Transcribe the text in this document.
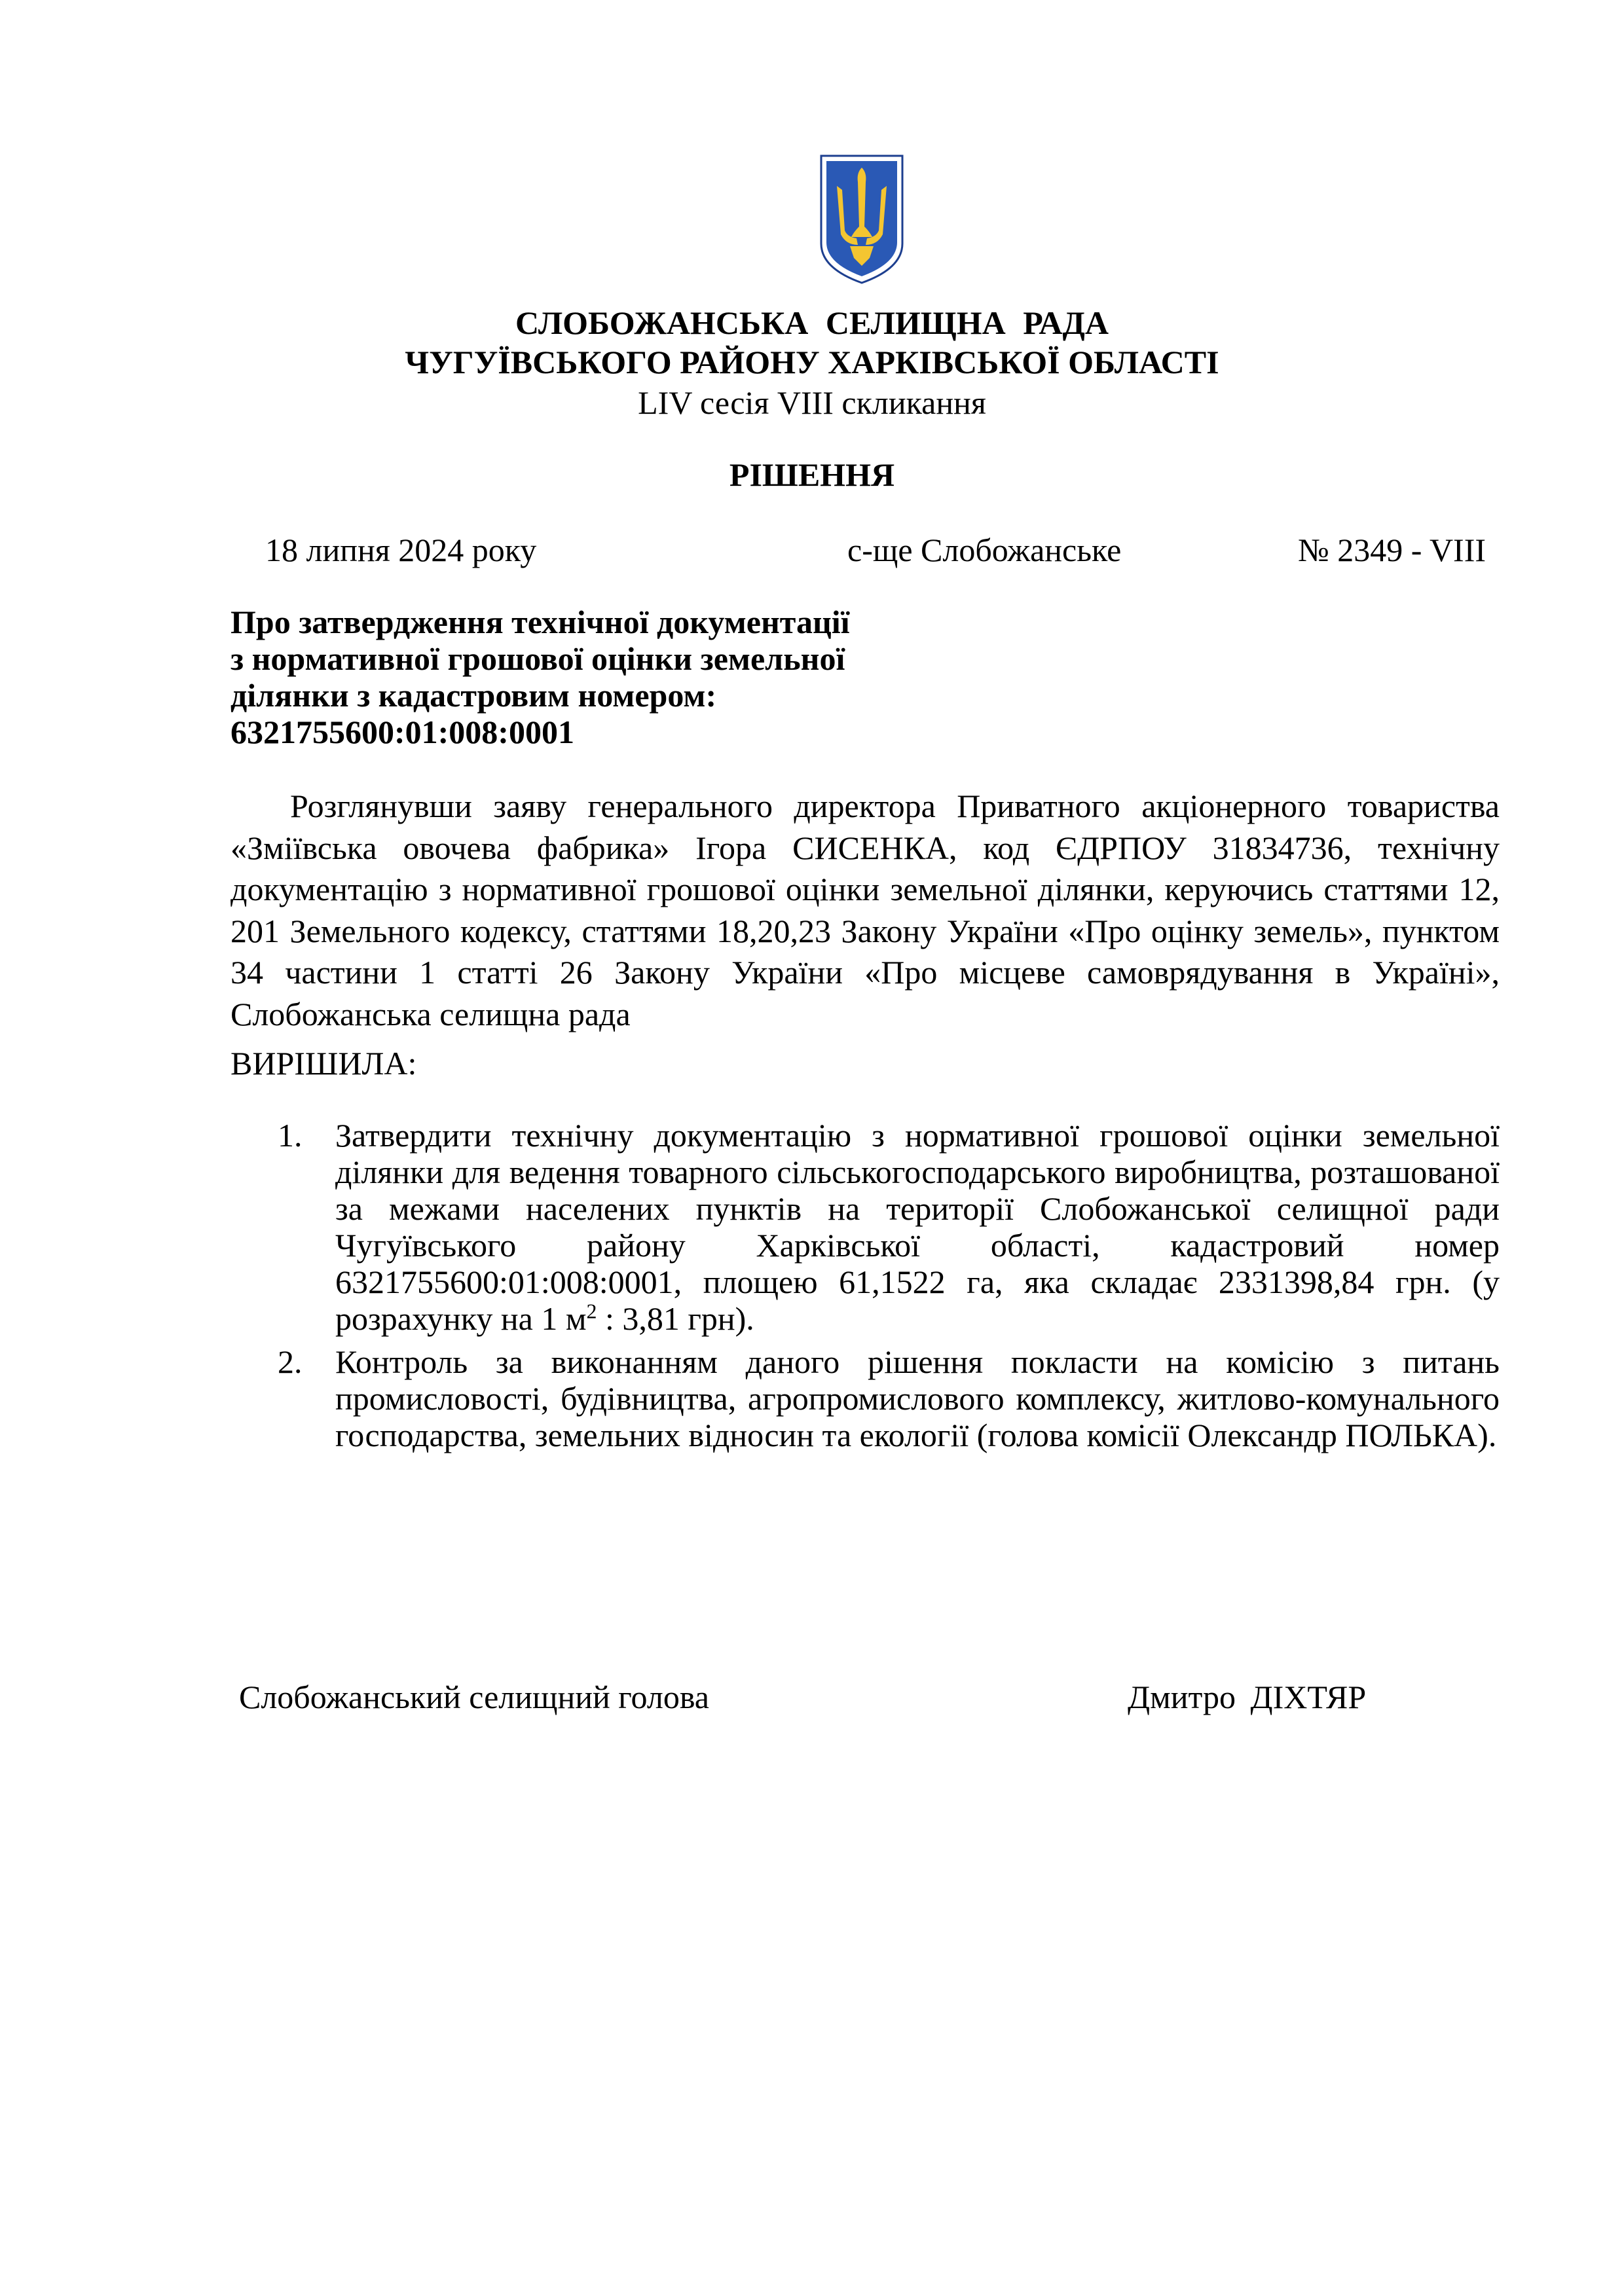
СЛОБОЖАНСЬКА СЕЛИЩНА РАДА
ЧУГУЇВСЬКОГО РАЙОНУ ХАРКІВСЬКОЇ ОБЛАСТІ
LIV сесія VIII скликання
РІШЕННЯ
18 липня 2024 року	с-ще Слобожанське	№ 2349 - VIII
Про затвердження технічної документації
з нормативної грошової оцінки земельної
ділянки з кадастровим номером:
6321755600:01:008:0001
Розглянувши заяву генерального директора Приватного акціонерного товариства «Зміївська овочева фабрика» Ігора СИСЕНКА, код ЄДРПОУ 31834736, технічну документацію з нормативної грошової оцінки земельної ділянки, керуючись статтями 12, 201 Земельного кодексу, статтями 18,20,23 Закону України «Про оцінку земель», пунктом 34 частини 1 статті 26 Закону України «Про місцеве самоврядування в Україні», Слобожанська селищна рада
ВИРІШИЛА:
1. Затвердити технічну документацію з нормативної грошової оцінки земельної ділянки для ведення товарного сільськогосподарського виробництва, розташованої за межами населених пунктів на території Слобожанської селищної ради Чугуївського району Харківської області, кадастровий номер 6321755600:01:008:0001, площею 61,1522 га, яка складає 2331398,84 грн. (у розрахунку на 1 $м^2$ : 3,81 грн).
2. Контроль за виконанням даного рішення покласти на комісію з питань промисловості, будівництва, агропромислового комплексу, житлово-комунального господарства, земельних відносин та екології (голова комісії Олександр ПОЛЬКА).
Слобожанський селищний голова	Дмитро ДІХТЯР
